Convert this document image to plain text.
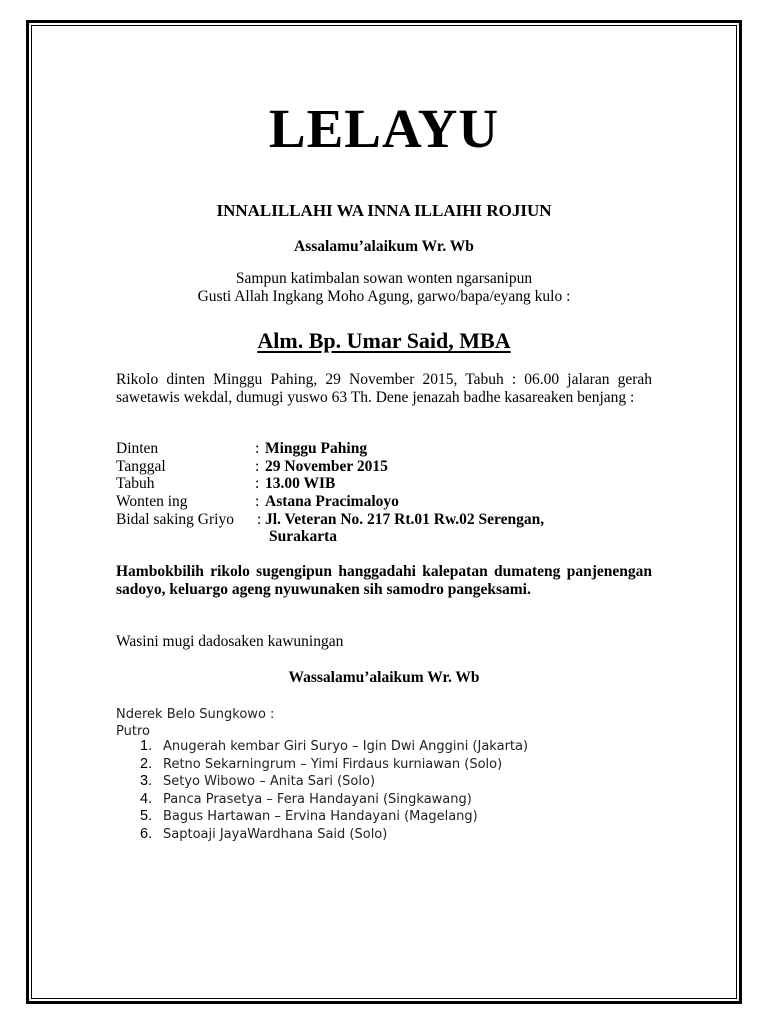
LELAYU
INNALILLAHI WA INNA ILLAIHI ROJIUN
Assalamu’alaikum Wr. Wb
Sampun katimbalan sowan wonten ngarsanipun
Gusti Allah Ingkang Moho Agung, garwo/bapa/eyang kulo :
Alm. Bp. Umar Said, MBA
Rikolo dinten Minggu Pahing, 29 November 2015, Tabuh : 06.00 jalaran gerah sawetawis wekdal, dumugi yuswo 63 Th. Dene jenazah badhe kasareaken benjang :
Dinten	: Minggu Pahing
Tanggal	: 29 November 2015
Tabuh	: 13.00 WIB
Wonten ing	: Astana Pracimaloyo
Bidal saking Griyo : Jl. Veteran No. 217 Rt.01 Rw.02 Serengan,
Surakarta
Hambokbilih rikolo sugengipun hanggadahi kalepatan dumateng panjenengan sadoyo, keluargo ageng nyuwunaken sih samodro pangeksami.
Wasini mugi dadosaken kawuningan
Wassalamu’alaikum Wr. Wb
Nderek Belo Sungkowo :
Putro
1. Anugerah kembar Giri Suryo – Igin Dwi Anggini (Jakarta)
2. Retno Sekarningrum – Yimi Firdaus kurniawan (Solo)
3. Setyo Wibowo – Anita Sari (Solo)
4. Panca Prasetya – Fera Handayani (Singkawang)
5. Bagus Hartawan – Ervina Handayani (Magelang)
6. Saptoaji JayaWardhana Said (Solo)
